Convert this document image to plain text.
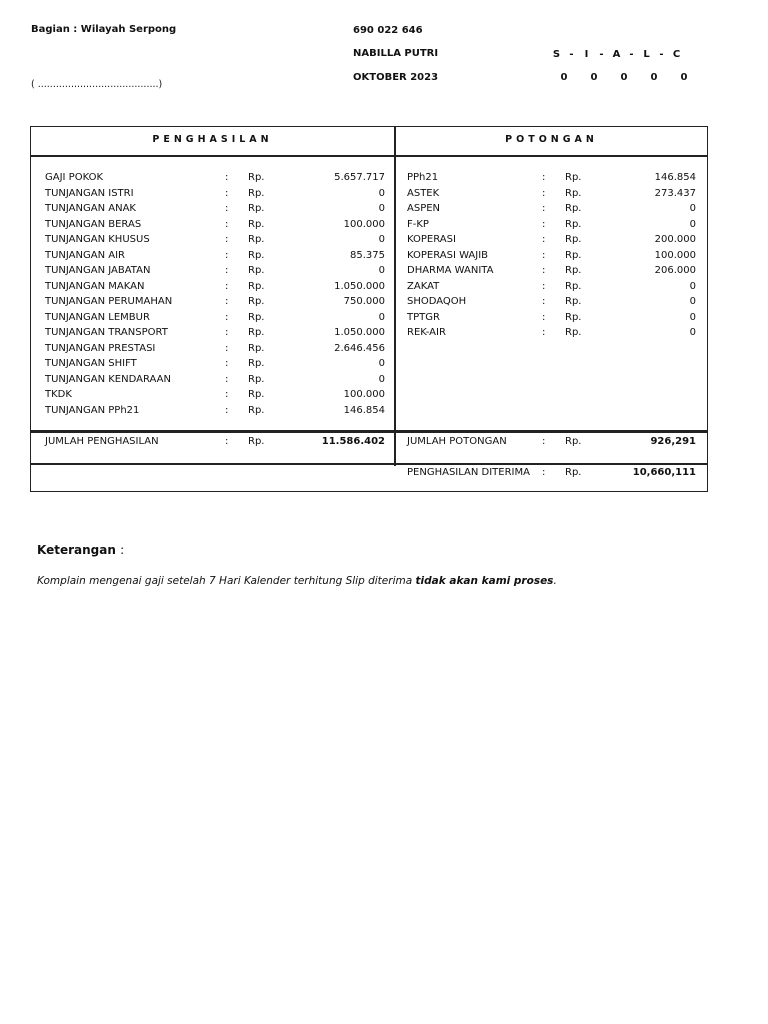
Bagian : Wilayah Serpong
( ........................................)
690 022 646
NABILLA PUTRI
OKTOBER 2023
S -	I	- A - L - C
0	0	0	0	0
PENGHASILAN	POTONGAN
GAJI POKOK	: Rp.	5.657.717
TUNJANGAN ISTRI	: Rp.	0
TUNJANGAN ANAK	: Rp.	0
TUNJANGAN BERAS	: Rp.	100.000
TUNJANGAN KHUSUS	: Rp.	0
TUNJANGAN AIR	: Rp.	85.375
TUNJANGAN JABATAN	: Rp.	0
TUNJANGAN MAKAN	: Rp.	1.050.000
TUNJANGAN PERUMAHAN	: Rp.	750.000
TUNJANGAN LEMBUR	: Rp.	0
TUNJANGAN TRANSPORT	: Rp.	1.050.000
TUNJANGAN PRESTASI	: Rp.	2.646.456
TUNJANGAN SHIFT	: Rp.	0
TUNJANGAN KENDARAAN	: Rp.	0
TKDK	: Rp.	100.000
TUNJANGAN PPh21	: Rp.	146.854
PPh21	: Rp.	146.854
ASTEK	: Rp.	273.437
ASPEN	: Rp.	0
F-KP	: Rp.	0
KOPERASI	: Rp.	200.000
KOPERASI WAJIB	: Rp.	100.000
DHARMA WANITA	: Rp.	206.000
ZAKAT	: Rp.	0
SHODAQOH	: Rp.	0
TPTGR	: Rp.	0
REK-AIR	: Rp.	0
JUMLAH PENGHASILAN	: Rp.	11.586.402 JUMLAH POTONGAN	: Rp.	926,291
PENGHASILAN DITERIMA : Rp.	10,660,111
Keterangan :
Komplain mengenai gaji setelah 7 Hari Kalender terhitung Slip diterima tidak akan kami proses.
